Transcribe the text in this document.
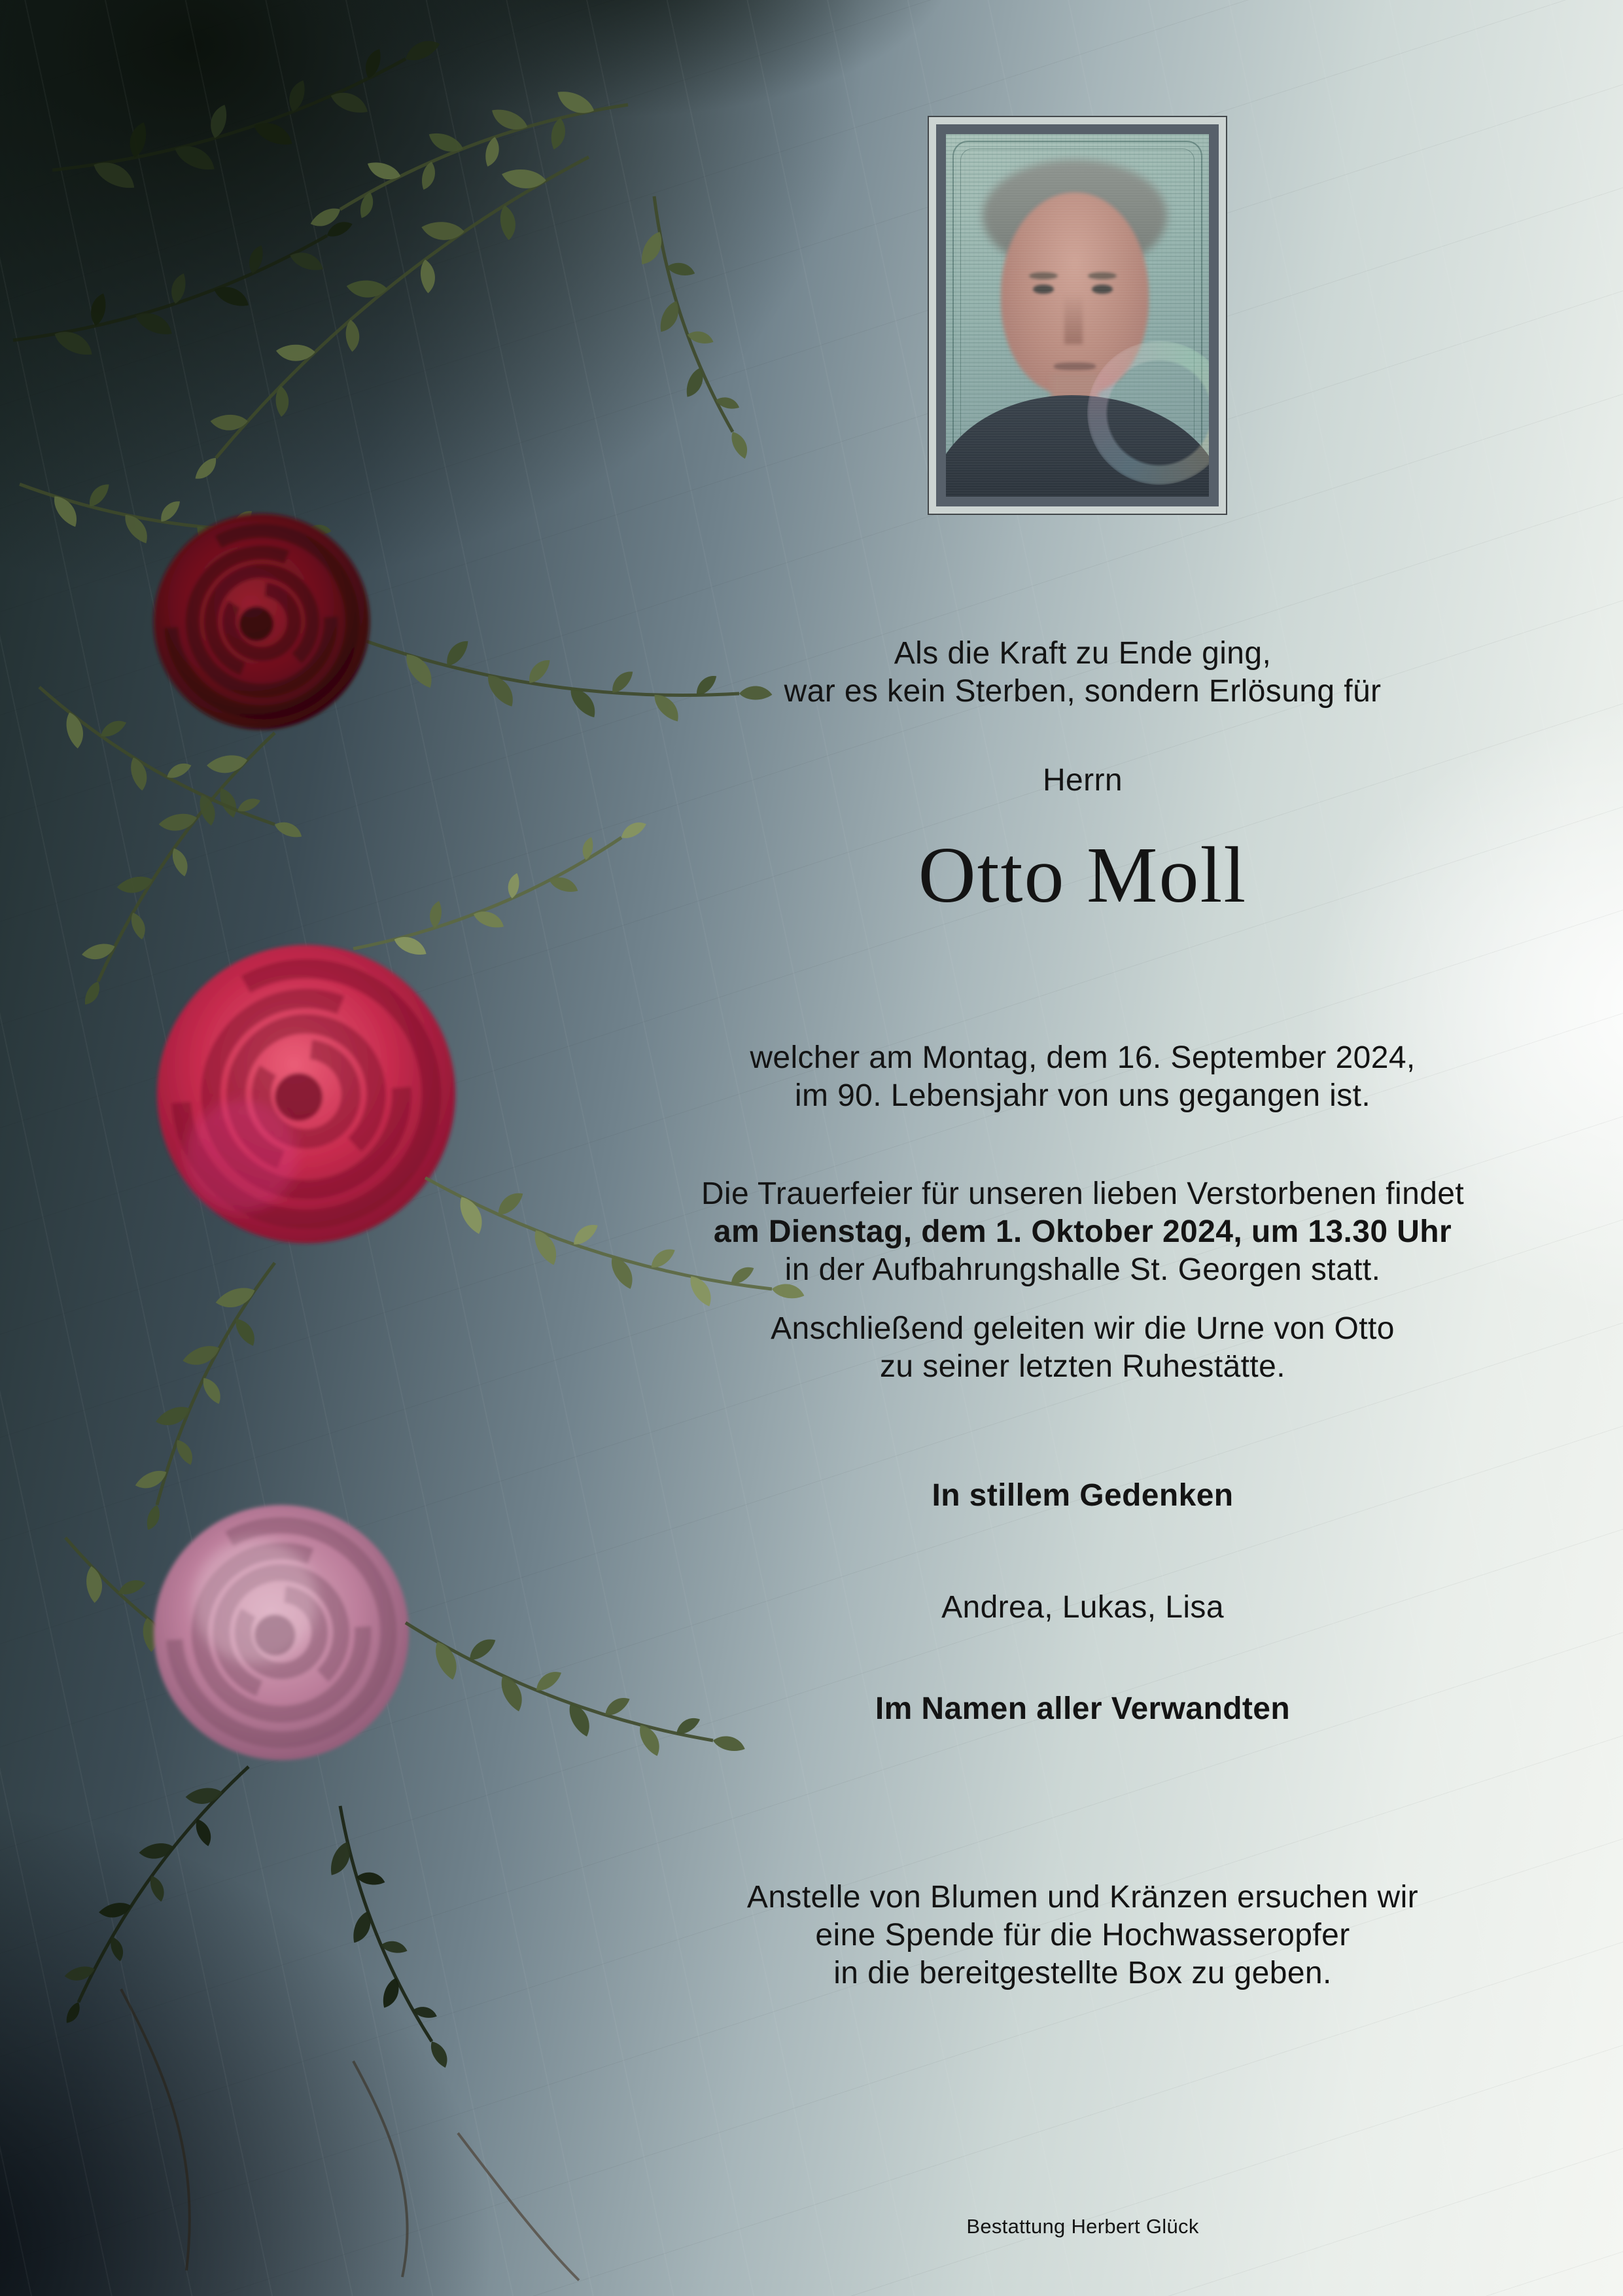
Als die Kraft zu Ende ging,
war es kein Sterben, sondern Erlösung für

Herrn

Otto Moll

welcher am Montag, dem 16. September 2024,
im 90. Lebensjahr von uns gegangen ist.

Die Trauerfeier für unseren lieben Verstorbenen findet
am Dienstag, dem 1. Oktober 2024, um 13.30 Uhr
in der Aufbahrungshalle St. Georgen statt.

Anschließend geleiten wir die Urne von Otto
zu seiner letzten Ruhestätte.

In stillem Gedenken

Andrea, Lukas, Lisa

Im Namen aller Verwandten

Anstelle von Blumen und Kränzen ersuchen wir
eine Spende für die Hochwasseropfer
in die bereitgestellte Box zu geben.

Bestattung Herbert Glück
